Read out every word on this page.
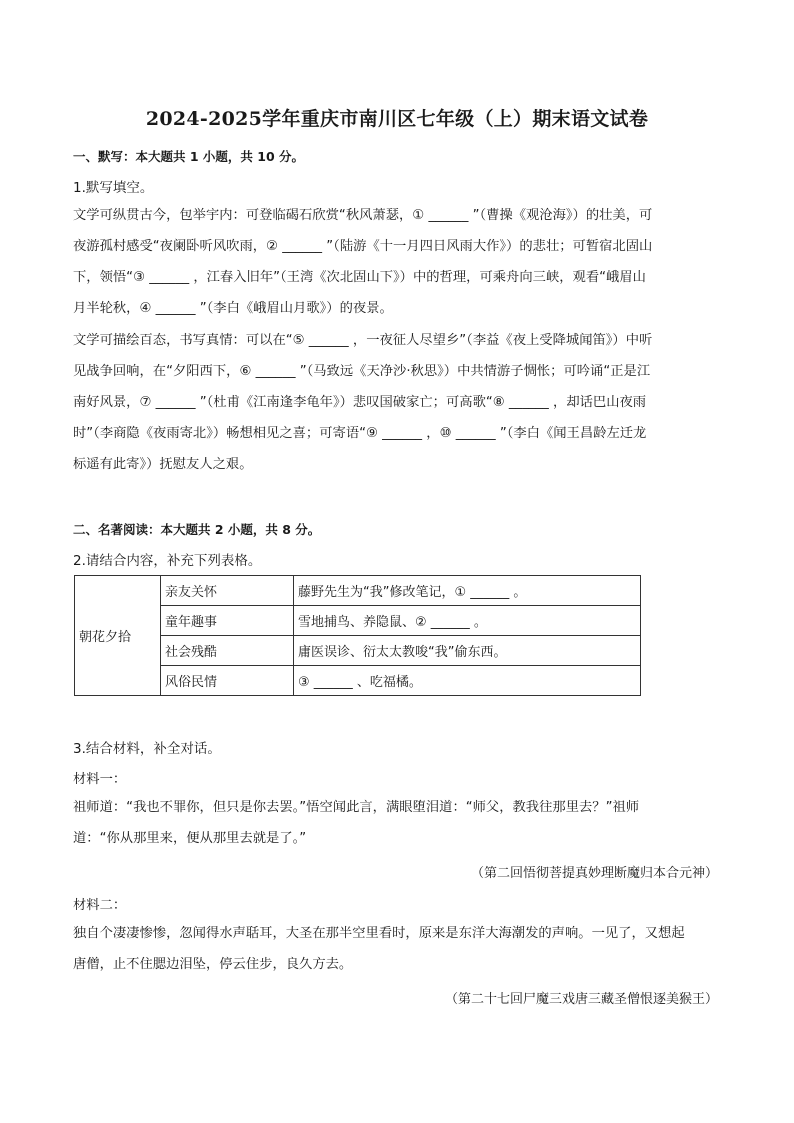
2024-2025学年重庆市南川区七年级（上）期末语文试卷
一、默写：本大题共 1 小题，共 10 分。
1.默写填空。
文学可纵贯古今，包举宇内：可登临碣石欣赏“秋风萧瑟，① ______ ”（曹操《观沧海》）的壮美，可
夜游孤村感受“夜阑卧听风吹雨，② ______ ”（陆游《十一月四日风雨大作》）的悲壮；可暂宿北固山
下，领悟“③ ______ ，江春入旧年”（王湾《次北固山下》）中的哲理，可乘舟向三峡，观看“峨眉山
月半轮秋，④ ______ ”（李白《峨眉山月歌》）的夜景。
文学可描绘百态，书写真情：可以在“⑤ ______ ，一夜征人尽望乡”（李益《夜上受降城闻笛》）中听
见战争回响，在“夕阳西下，⑥ ______ ”（马致远《天净沙·秋思》）中共情游子惆怅；可吟诵“正是江
南好风景，⑦ ______ ”（杜甫《江南逢李龟年》）悲叹国破家亡；可高歌“⑧ ______ ，却话巴山夜雨
时”（李商隐《夜雨寄北》）畅想相见之喜；可寄语“⑨ ______ ，⑩ ______ ”（李白《闻王昌龄左迁龙
标遥有此寄》）抚慰友人之艰。
二、名著阅读：本大题共 2 小题，共 8 分。
2.请结合内容，补充下列表格。
朝花夕拾	亲友关怀	藤野先生为“我”修改笔记，① ______ 。
	童年趣事	雪地捕鸟、养隐鼠、② ______ 。
	社会残酷	庸医误诊、衍太太教唆“我”偷东西。
	风俗民情	③ ______ 、吃福橘。
3.结合材料，补全对话。
材料一：
祖师道：“我也不罪你，但只是你去罢。”悟空闻此言，满眼堕泪道：“师父，教我往那里去？”祖师
道：“你从那里来，便从那里去就是了。”
（第二回悟彻菩提真妙理断魔归本合元神）
材料二：
独自个凄凄惨惨，忽闻得水声聒耳，大圣在那半空里看时，原来是东洋大海潮发的声响。一见了，又想起
唐僧，止不住腮边泪坠，停云住步，良久方去。
（第二十七回尸魔三戏唐三藏圣僧恨逐美猴王）
